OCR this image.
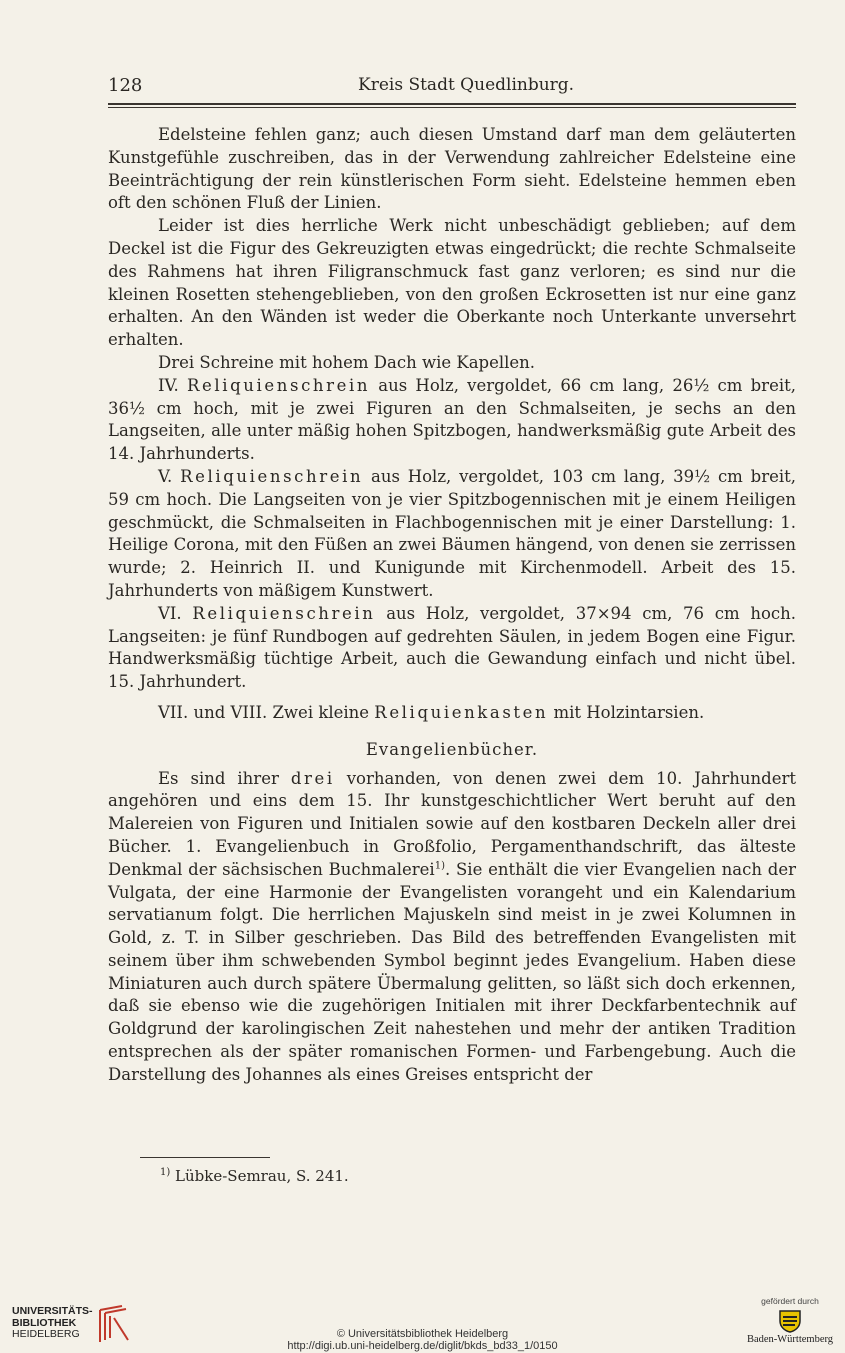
128	Kreis Stadt Quedlinburg.

Edelsteine fehlen ganz; auch diesen Umstand darf man dem geläuterten Kunstgefühle zuschreiben, das in der Verwendung zahlreicher Edelsteine eine Beeinträchtigung der rein künstlerischen Form sieht. Edelsteine hemmen eben oft den schönen Fluß der Linien.

Leider ist dies herrliche Werk nicht unbeschädigt geblieben; auf dem Deckel ist die Figur des Gekreuzigten etwas eingedrückt; die rechte Schmalseite des Rahmens hat ihren Filigranschmuck fast ganz verloren; es sind nur die kleinen Rosetten stehengeblieben, von den großen Eckrosetten ist nur eine ganz erhalten. An den Wänden ist weder die Oberkante noch Unterkante unversehrt erhalten.

Drei Schreine mit hohem Dach wie Kapellen.

IV. Reliquienschrein aus Holz, vergoldet, 66 cm lang, 26½ cm breit, 36½ cm hoch, mit je zwei Figuren an den Schmalseiten, je sechs an den Langseiten, alle unter mäßig hohen Spitzbogen, handwerksmäßig gute Arbeit des 14. Jahrhunderts.

V. Reliquienschrein aus Holz, vergoldet, 103 cm lang, 39½ cm breit, 59 cm hoch. Die Langseiten von je vier Spitzbogennischen mit je einem Heiligen geschmückt, die Schmalseiten in Flachbogennischen mit je einer Darstellung: 1. Heilige Corona, mit den Füßen an zwei Bäumen hängend, von denen sie zerrissen wurde; 2. Heinrich II. und Kunigunde mit Kirchenmodell. Arbeit des 15. Jahrhunderts von mäßigem Kunstwert.

VI. Reliquienschrein aus Holz, vergoldet, 37×94 cm, 76 cm hoch. Langseiten: je fünf Rundbogen auf gedrehten Säulen, in jedem Bogen eine Figur. Handwerksmäßig tüchtige Arbeit, auch die Gewandung einfach und nicht übel. 15. Jahrhundert.

VII. und VIII. Zwei kleine Reliquienkasten mit Holzintarsien.

Evangelienbücher.

Es sind ihrer drei vorhanden, von denen zwei dem 10. Jahrhundert angehören und eins dem 15. Ihr kunstgeschichtlicher Wert beruht auf den Malereien von Figuren und Initialen sowie auf den kostbaren Deckeln aller drei Bücher. 1. Evangelienbuch in Großfolio, Pergamenthandschrift, das älteste Denkmal der sächsischen Buchmalerei$^{1)}$. Sie enthält die vier Evangelien nach der Vulgata, der eine Harmonie der Evangelisten vorangeht und ein Kalendarium servatianum folgt. Die herrlichen Majuskeln sind meist in je zwei Kolumnen in Gold, z. T. in Silber geschrieben. Das Bild des betreffenden Evangelisten mit seinem über ihm schwebenden Symbol beginnt jedes Evangelium. Haben diese Miniaturen auch durch spätere Übermalung gelitten, so läßt sich doch erkennen, daß sie ebenso wie die zugehörigen Initialen mit ihrer Deckfarbentechnik auf Goldgrund der karolingischen Zeit nahestehen und mehr der antiken Tradition entsprechen als der später romanischen Formen- und Farbengebung. Auch die Darstellung des Johannes als eines Greises entspricht der

$^{1)}$ Lübke-Semrau, S. 241.
UNIVERSITÄTS-
BIBLIOTHEK
HEIDELBERG	© Universitätsbibliothek Heidelberg
http://digi.ub.uni-heidelberg.de/diglit/bkds_bd33_1/0150
gefördert durch
Baden-Württemberg
